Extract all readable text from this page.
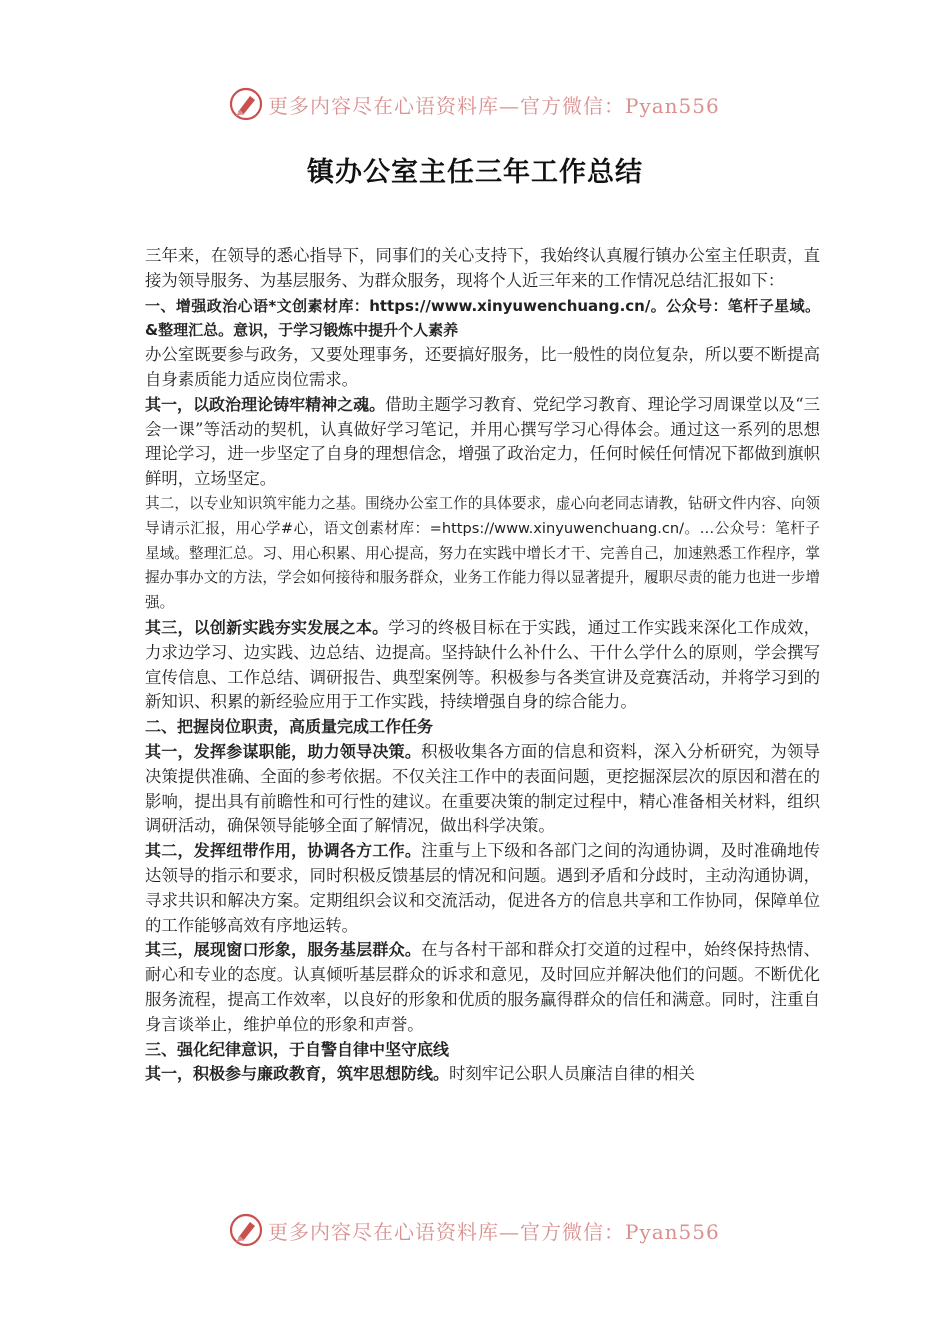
更多内容尽在心语资料库—官方微信：Pyan556
镇办公室主任三年工作总结

三年来，在领导的悉心指导下，同事们的关心支持下，我始终认真履行镇办公室主任职责，直接为领导服务、为基层服务、为群众服务，现将个人近三年来的工作情况总结汇报如下：

一、增强政治心语*文创素材库：https://www.xinyuwenchuang.cn/。公众号：笔杆子星域。&整理汇总。意识，于学习锻炼中提升个人素养

办公室既要参与政务，又要处理事务，还要搞好服务，比一般性的岗位复杂，所以要不断提高自身素质能力适应岗位需求。

其一，以政治理论铸牢精神之魂。借助主题学习教育、党纪学习教育、理论学习周课堂以及“三会一课”等活动的契机，认真做好学习笔记，并用心撰写学习心得体会。通过这一系列的思想理论学习，进一步坚定了自身的理想信念，增强了政治定力，任何时候任何情况下都做到旗帜鲜明，立场坚定。

其二，以专业知识筑牢能力之基。围绕办公室工作的具体要求，虚心向老同志请教，钻研文件内容、向领导请示汇报，用心学#心，语文创素材库：=https://www.xinyuwenchuang.cn/。…公众号：笔杆子星域。整理汇总。习、用心积累、用心提高，努力在实践中增长才干、完善自己，加速熟悉工作程序，掌握办事办文的方法，学会如何接待和服务群众，业务工作能力得以显著提升，履职尽责的能力也进一步增强。

其三，以创新实践夯实发展之本。学习的终极目标在于实践，通过工作实践来深化工作成效，力求边学习、边实践、边总结、边提高。坚持缺什么补什么、干什么学什么的原则，学会撰写宣传信息、工作总结、调研报告、典型案例等。积极参与各类宣讲及竞赛活动，并将学习到的新知识、积累的新经验应用于工作实践，持续增强自身的综合能力。

二、把握岗位职责，高质量完成工作任务

其一，发挥参谋职能，助力领导决策。积极收集各方面的信息和资料，深入分析研究，为领导决策提供准确、全面的参考依据。不仅关注工作中的表面问题，更挖掘深层次的原因和潜在的影响，提出具有前瞻性和可行性的建议。在重要决策的制定过程中，精心准备相关材料，组织调研活动，确保领导能够全面了解情况，做出科学决策。

其二，发挥纽带作用，协调各方工作。注重与上下级和各部门之间的沟通协调，及时准确地传达领导的指示和要求，同时积极反馈基层的情况和问题。遇到矛盾和分歧时，主动沟通协调，寻求共识和解决方案。定期组织会议和交流活动，促进各方的信息共享和工作协同，保障单位的工作能够高效有序地运转。

其三，展现窗口形象，服务基层群众。在与各村干部和群众打交道的过程中，始终保持热情、耐心和专业的态度。认真倾听基层群众的诉求和意见，及时回应并解决他们的问题。不断优化服务流程，提高工作效率，以良好的形象和优质的服务赢得群众的信任和满意。同时，注重自身言谈举止，维护单位的形象和声誉。

三、强化纪律意识，于自警自律中坚守底线

其一，积极参与廉政教育，筑牢思想防线。时刻牢记公职人员廉洁自律的相关

更多内容尽在心语资料库—官方微信：Pyan556
